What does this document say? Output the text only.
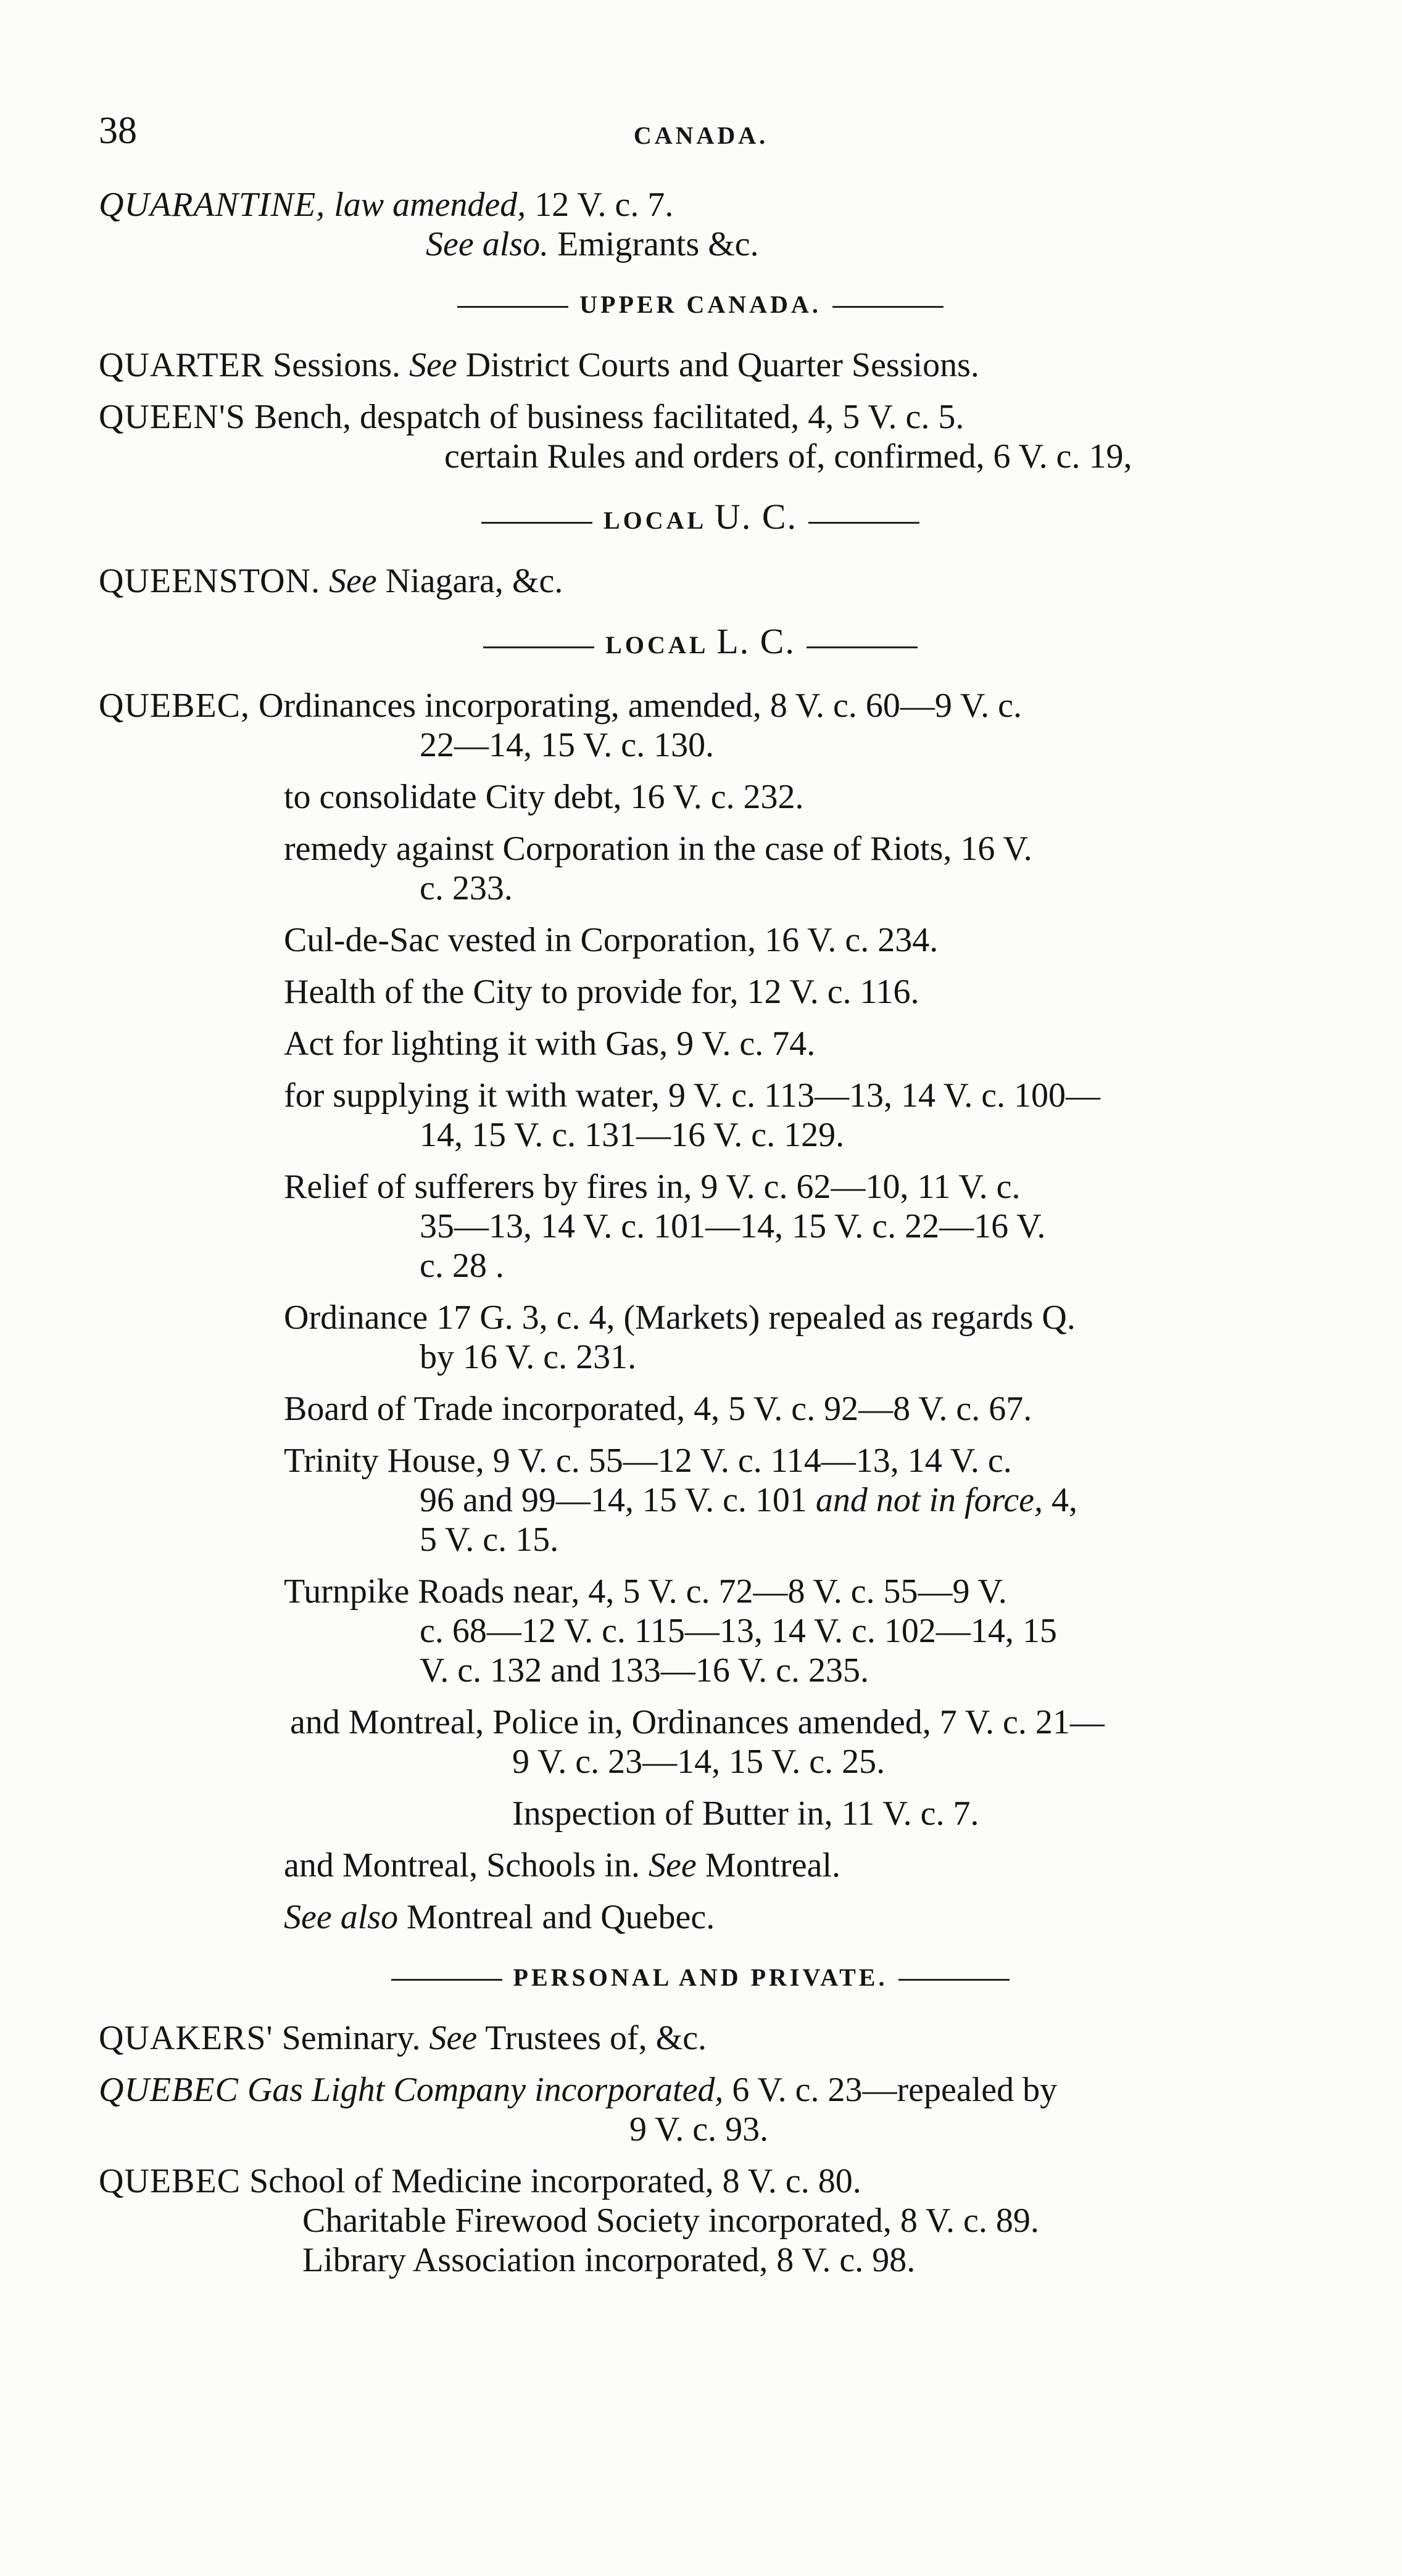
38	CANADA.
QUARANTINE, law amended, 12 V. c. 7.
See also. Emigrants &c.
UPPER CANADA.
QUARTER Sessions. See District Courts and Quarter Sessions.
QUEEN'S Bench, despatch of business facilitated, 4, 5 V. c. 5.
certain Rules and orders of, confirmed, 6 V. c. 19,
LOCAL U. C.
QUEENSTON. See Niagara, &c.
LOCAL L. C.
QUEBEC, Ordinances incorporating, amended, 8 V. c. 60—9 V. c.
22—14, 15 V. c. 130.
to consolidate City debt, 16 V. c. 232.
remedy against Corporation in the case of Riots, 16 V.
c. 233.
Cul-de-Sac vested in Corporation, 16 V. c. 234.
Health of the City to provide for, 12 V. c. 116.
Act for lighting it with Gas, 9 V. c. 74.
for supplying it with water, 9 V. c. 113—13, 14 V. c. 100—
14, 15 V. c. 131—16 V. c. 129.
Relief of sufferers by fires in, 9 V. c. 62—10, 11 V. c.
35—13, 14 V. c. 101—14, 15 V. c. 22—16 V.
c. 28 .
Ordinance 17 G. 3, c. 4, (Markets) repealed as regards Q.
by 16 V. c. 231.
Board of Trade incorporated, 4, 5 V. c. 92—8 V. c. 67.
Trinity House, 9 V. c. 55—12 V. c. 114—13, 14 V. c.
96 and 99—14, 15 V. c. 101 and not in force, 4,
5 V. c. 15.
Turnpike Roads near, 4, 5 V. c. 72—8 V. c. 55—9 V.
c. 68—12 V. c. 115—13, 14 V. c. 102—14, 15
V. c. 132 and 133—16 V. c. 235.
and Montreal, Police in, Ordinances amended, 7 V. c. 21—
9 V. c. 23—14, 15 V. c. 25.
Inspection of Butter in, 11 V. c. 7.
and Montreal, Schools in. See Montreal.
See also Montreal and Quebec.
PERSONAL AND PRIVATE.
QUAKERS' Seminary. See Trustees of, &c.
QUEBEC Gas Light Company incorporated, 6 V. c. 23—repealed by
9 V. c. 93.
QUEBEC School of Medicine incorporated, 8 V. c. 80.
Charitable Firewood Society incorporated, 8 V. c. 89.
Library Association incorporated, 8 V. c. 98.
